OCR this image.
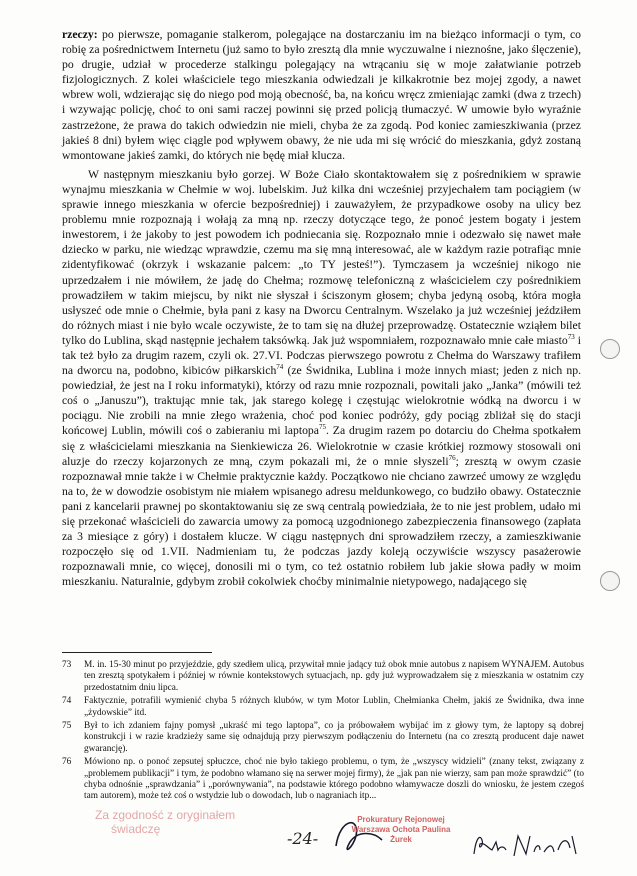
rzeczy: po pierwsze, pomaganie stalkerom, polegające na dostarczaniu im na bieżąco informacji o tym, co robię za pośrednictwem Internetu (już samo to było zresztą dla mnie wyczuwalne i nieznośne, jako ślęczenie), po drugie, udział w procederze stalkingu polegający na wtrącaniu się w moje załatwianie potrzeb fizjologicznych. Z kolei właściciele tego mieszkania odwiedzali je kilkakrotnie bez mojej zgody, a nawet wbrew woli, wdzierając się do niego pod moją obecność, ba, na końcu wręcz zmieniając zamki (dwa z trzech) i wzywając policję, choć to oni sami raczej powinni się przed policją tłumaczyć. W umowie było wyraźnie zastrzeżone, że prawa do takich odwiedzin nie mieli, chyba że za zgodą. Pod koniec zamieszkiwania (przez jakieś 8 dni) byłem więc ciągle pod wpływem obawy, że nie uda mi się wrócić do mieszkania, gdyż zostaną wmontowane jakieś zamki, do których nie będę miał klucza.

W następnym mieszkaniu było gorzej. W Boże Ciało skontaktowałem się z pośrednikiem w sprawie wynajmu mieszkania w Chełmie w woj. lubelskim. Już kilka dni wcześniej przyjechałem tam pociągiem (w sprawie innego mieszkania w ofercie bezpośredniej) i zauważyłem, że przypadkowe osoby na ulicy bez problemu mnie rozpoznają i wołają za mną np. rzeczy dotyczące tego, że ponoć jestem bogaty i jestem inwestorem, i że jakoby to jest powodem ich podniecania się. Rozpoznało mnie i odezwało się nawet małe dziecko w parku, nie wiedząc wprawdzie, czemu ma się mną interesować, ale w każdym razie potrafiąc mnie zidentyfikować (okrzyk i wskazanie palcem: „to TY jesteś!”). Tymczasem ja wcześniej nikogo nie uprzedzałem i nie mówiłem, że jadę do Chełma; rozmowę telefoniczną z właścicielem czy pośrednikiem prowadziłem w takim miejscu, by nikt nie słyszał i ściszonym głosem; chyba jedyną osobą, która mogła usłyszeć ode mnie o Chełmie, była pani z kasy na Dworcu Centralnym. Wszelako ja już wcześniej jeździłem do różnych miast i nie było wcale oczywiste, że to tam się na dłużej przeprowadzę. Ostatecznie wziąłem bilet tylko do Lublina, skąd następnie jechałem taksówką. Jak już wspomniałem, rozpoznawało mnie całe miasto$^{73}$ i tak też było za drugim razem, czyli ok. 27.VI. Podczas pierwszego powrotu z Chełma do Warszawy trafiłem na dworcu na, podobno, kibiców piłkarskich$^{74}$ (ze Świdnika, Lublina i może innych miast; jeden z nich np. powiedział, że jest na I roku informatyki), którzy od razu mnie rozpoznali, powitali jako „Janka” (mówili też coś o „Januszu”), traktując mnie tak, jak starego kolegę i częstując wielokrotnie wódką na dworcu i w pociągu. Nie zrobili na mnie złego wrażenia, choć pod koniec podróży, gdy pociąg zbliżał się do stacji końcowej Lublin, mówili coś o zabieraniu mi laptopa$^{75}$. Za drugim razem po dotarciu do Chełma spotkałem się z właścicielami mieszkania na Sienkiewicza 26. Wielokrotnie w czasie krótkiej rozmowy stosowali oni aluzje do rzeczy kojarzonych ze mną, czym pokazali mi, że o mnie słyszeli$^{76}$; zresztą w owym czasie rozpoznawał mnie także i w Chełmie praktycznie każdy. Początkowo nie chciano zawrzeć umowy ze względu na to, że w dowodzie osobistym nie miałem wpisanego adresu meldunkowego, co budziło obawy. Ostatecznie pani z kancelarii prawnej po skontaktowaniu się ze swą centralą powiedziała, że to nie jest problem, udało mi się przekonać właścicieli do zawarcia umowy za pomocą uzgodnionego zabezpieczenia finansowego (zapłata za 3 miesiące z góry) i dostałem klucze. W ciągu następnych dni sprowadziłem rzeczy, a zamieszkiwanie rozpoczęło się od 1.VII. Nadmieniam tu, że podczas jazdy koleją oczywiście wszyscy pasażerowie rozpoznawali mnie, co więcej, donosili mi o tym, co też ostatnio robiłem lub jakie słowa padły w moim mieszkaniu. Naturalnie, gdybym zrobił cokolwiek choćby minimalnie nietypowego, nadającego się

73	M. in. 15-30 minut po przyjeździe, gdy szedłem ulicą, przywitał mnie jadący tuż obok mnie autobus z napisem WYNAJEM. Autobus ten zresztą spotykałem i później w równie kontekstowych sytuacjach, np. gdy już wyprowadzałem się z mieszkania w ostatnim czy przedostatnim dniu lipca.
74	Faktycznie, potrafili wymienić chyba 5 różnych klubów, w tym Motor Lublin, Chełmianka Chełm, jakiś ze Świdnika, dwa inne „żydowskie” itd.
75	Był to ich zdaniem fajny pomysł „ukraść mi tego laptopa”, co ja próbowałem wybijać im z głowy tym, że laptopy są dobrej konstrukcji i w razie kradzieży same się odnajdują przy pierwszym podłączeniu do Internetu (na co zresztą producent daje nawet gwarancję).
76	Mówiono np. o ponoć zepsutej spłuczce, choć nie było takiego problemu, o tym, że „wszyscy widzieli” (znany tekst, związany z „problemem publikacji” i tym, że podobno włamano się na serwer mojej firmy), że „jak pan nie wierzy, sam pan może sprawdzić” (to chyba odnośnie „sprawdzania” i „porównywania”, na podstawie którego podobno włamywacze doszli do wniosku, że jestem czegoś tam autorem), może też coś o wstydzie lub o dowodach, lub o nagraniach itp...
Za zgodność z oryginałem
świadczę	-24-
Prokuratury Rejonowej Warszawa Ochota Paulina Żurek
